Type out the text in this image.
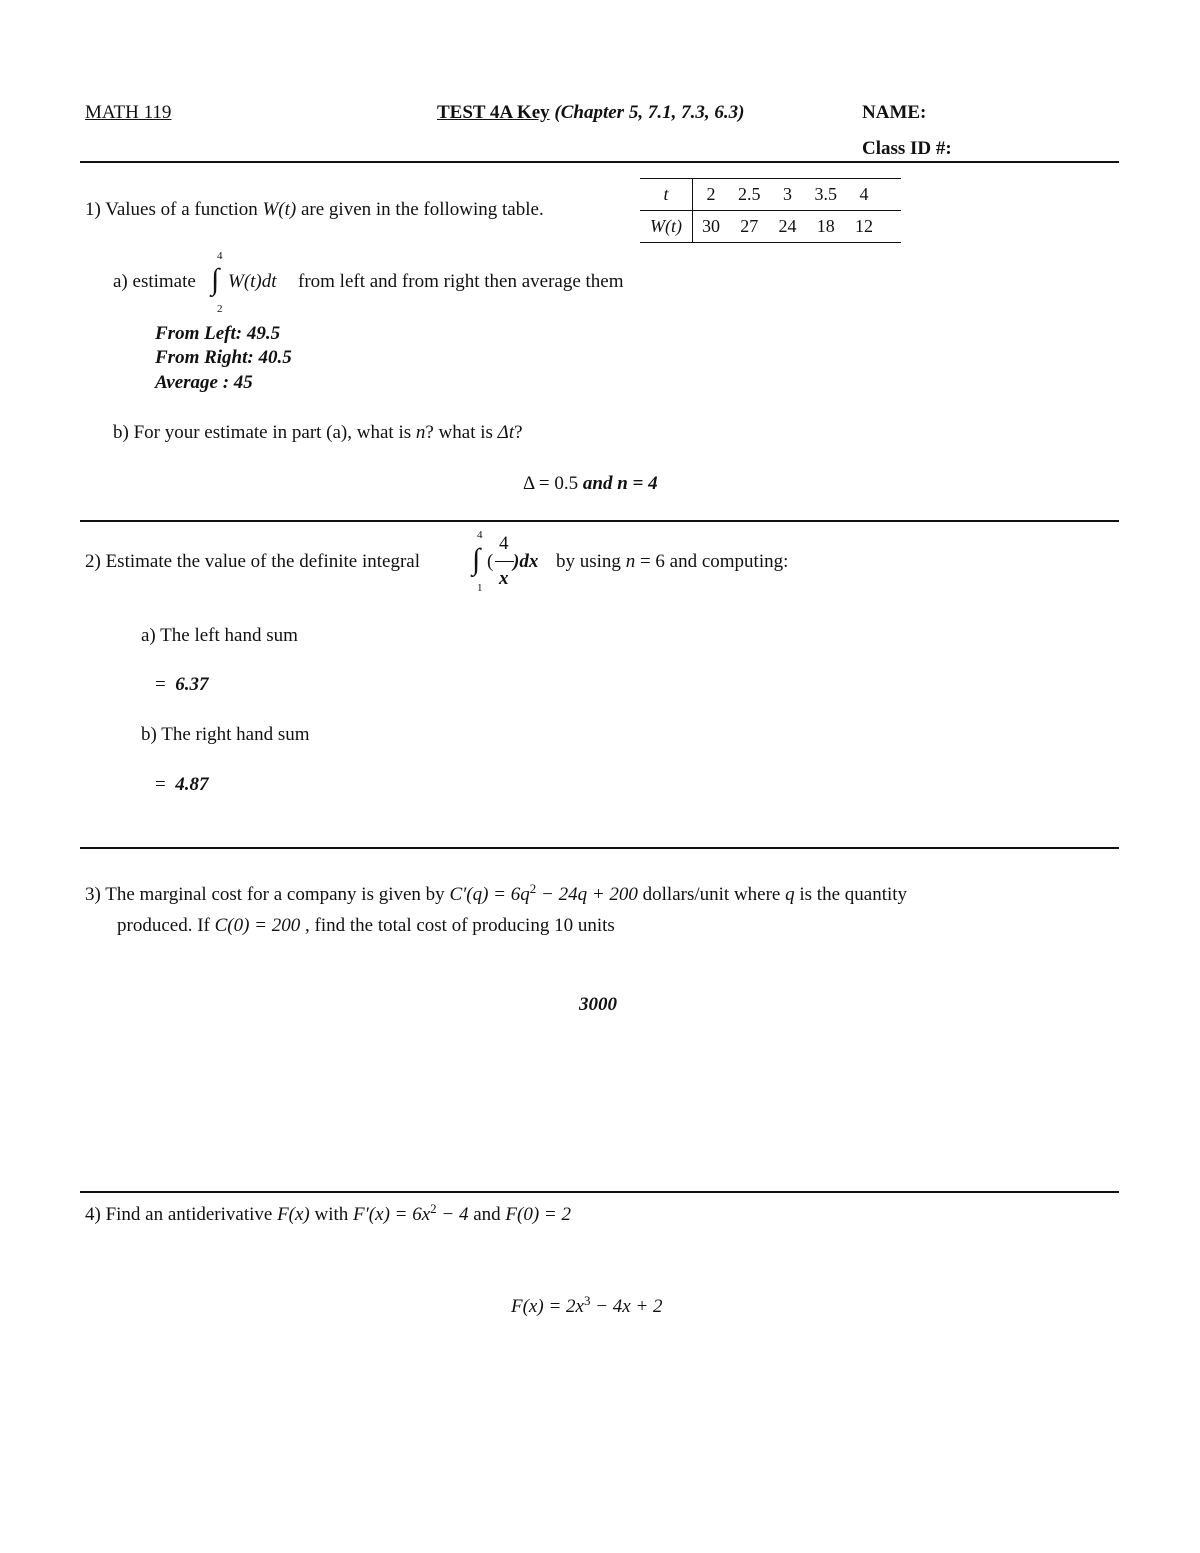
MATH 119	TEST 4A Key (Chapter 5, 7.1, 7.3, 6.3)	NAME:
Class ID #:
1) Values of a function W(t) are given in the following table.
t	2	2.5	3	3.5	4
W(t)	30	27	24	18	12
a) estimate
4
∫
2
W(t)dt from left and from right then average them
From Left: 49.5
From Right: 40.5
Average : 45
b) For your estimate in part (a), what is n? what is Δt?
Δ = 0.5 and n = 4
2) Estimate the value of the definite integral
4
∫
1
(
4
x
)dx by using n = 6 and computing:
a) The left hand sum
= 6.37
b) The right hand sum
= 4.87
3) The marginal cost for a company is given by $C'(q) = 6q^2 - 24q + 200$ dollars/unit where q is the quantity
produced. If C(0) = 200 , find the total cost of producing 10 units
3000
4) Find an antiderivative F(x) with $F'(x) = 6x^2 - 4$ and F(0) = 2
$F(x) = 2x^3 - 4x + 2$
